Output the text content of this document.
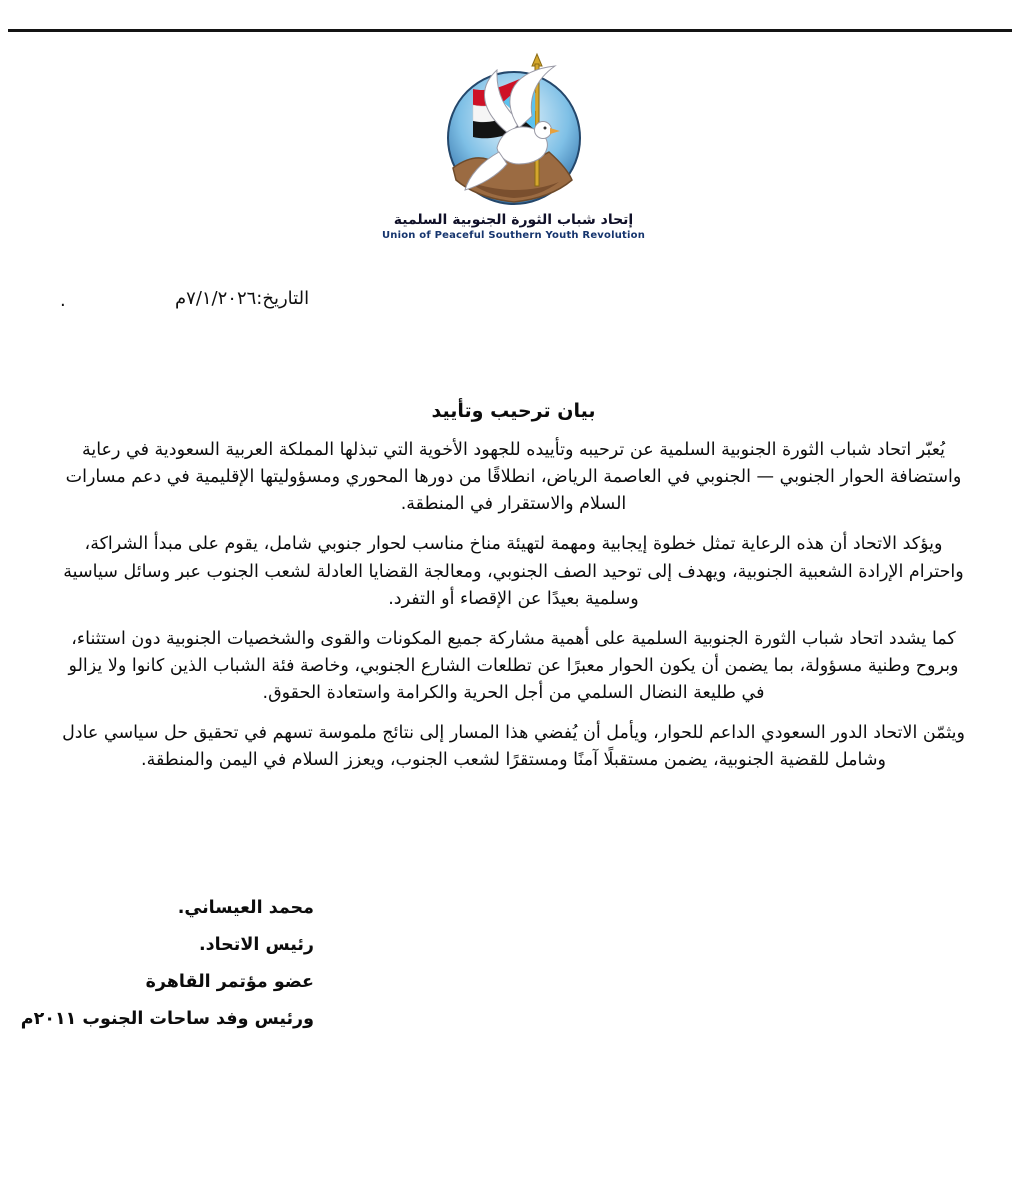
إتحاد شباب الثورة الجنوبية السلمية
Union of Peaceful Southern Youth Revolution
التاريخ:٧/١/٢٠٢٦م
.
بيان ترحيب وتأييد

يُعبّر اتحاد شباب الثورة الجنوبية السلمية عن ترحيبه وتأييده للجهود الأخوية التي تبذلها المملكة العربية السعودية في رعاية واستضافة الحوار الجنوبي — الجنوبي في العاصمة الرياض، انطلاقًا من دورها المحوري ومسؤوليتها الإقليمية في دعم مسارات السلام والاستقرار في المنطقة.

ويؤكد الاتحاد أن هذه الرعاية تمثل خطوة إيجابية ومهمة لتهيئة مناخ مناسب لحوار جنوبي شامل، يقوم على مبدأ الشراكة، واحترام الإرادة الشعبية الجنوبية، ويهدف إلى توحيد الصف الجنوبي، ومعالجة القضايا العادلة لشعب الجنوب عبر وسائل سياسية وسلمية بعيدًا عن الإقصاء أو التفرد.

كما يشدد اتحاد شباب الثورة الجنوبية السلمية على أهمية مشاركة جميع المكونات والقوى والشخصيات الجنوبية دون استثناء، وبروح وطنية مسؤولة، بما يضمن أن يكون الحوار معبرًا عن تطلعات الشارع الجنوبي، وخاصة فئة الشباب الذين كانوا ولا يزالو في طليعة النضال السلمي من أجل الحرية والكرامة واستعادة الحقوق.

ويثمّن الاتحاد الدور السعودي الداعم للحوار، ويأمل أن يُفضي هذا المسار إلى نتائج ملموسة تسهم في تحقيق حل سياسي عادل وشامل للقضية الجنوبية، يضمن مستقبلًا آمنًا ومستقرًا لشعب الجنوب، ويعزز السلام في اليمن والمنطقة.

محمد العيساني.
رئيس الاتحاد.
عضو مؤتمر القاهرة
ورئيس وفد ساحات الجنوب ٢٠١١م
